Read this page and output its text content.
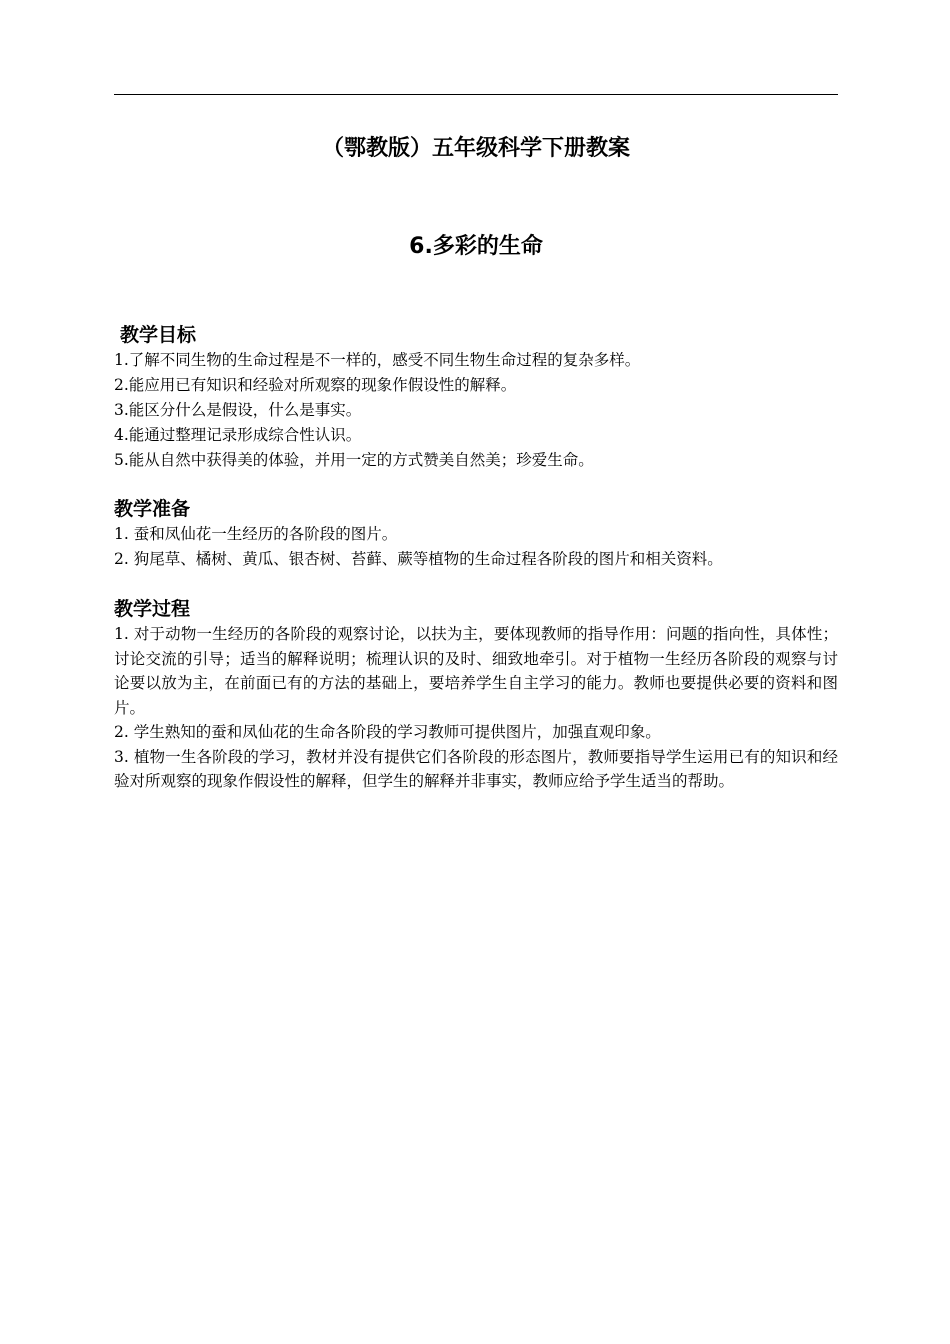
（鄂教版）五年级科学下册教案
6.多彩的生命

教学目标

1.了解不同生物的生命过程是不一样的，感受不同生物生命过程的复杂多样。

2.能应用已有知识和经验对所观察的现象作假设性的解释。

3.能区分什么是假设，什么是事实。

4.能通过整理记录形成综合性认识。

5.能从自然中获得美的体验，并用一定的方式赞美自然美；珍爱生命。

教学准备

1. 蚕和凤仙花一生经历的各阶段的图片。

2. 狗尾草、橘树、黄瓜、银杏树、苔藓、蕨等植物的生命过程各阶段的图片和相关资料。

教学过程

1. 对于动物一生经历的各阶段的观察讨论，以扶为主，要体现教师的指导作用：问题的指向性，具体性；讨论交流的引导；适当的解释说明；梳理认识的及时、细致地牵引。对于植物一生经历各阶段的观察与讨论要以放为主，在前面已有的方法的基础上，要培养学生自主学习的能力。教师也要提供必要的资料和图片。

2. 学生熟知的蚕和凤仙花的生命各阶段的学习教师可提供图片，加强直观印象。

3. 植物一生各阶段的学习，教材并没有提供它们各阶段的形态图片，教师要指导学生运用已有的知识和经验对所观察的现象作假设性的解释，但学生的解释并非事实，教师应给予学生适当的帮助。
